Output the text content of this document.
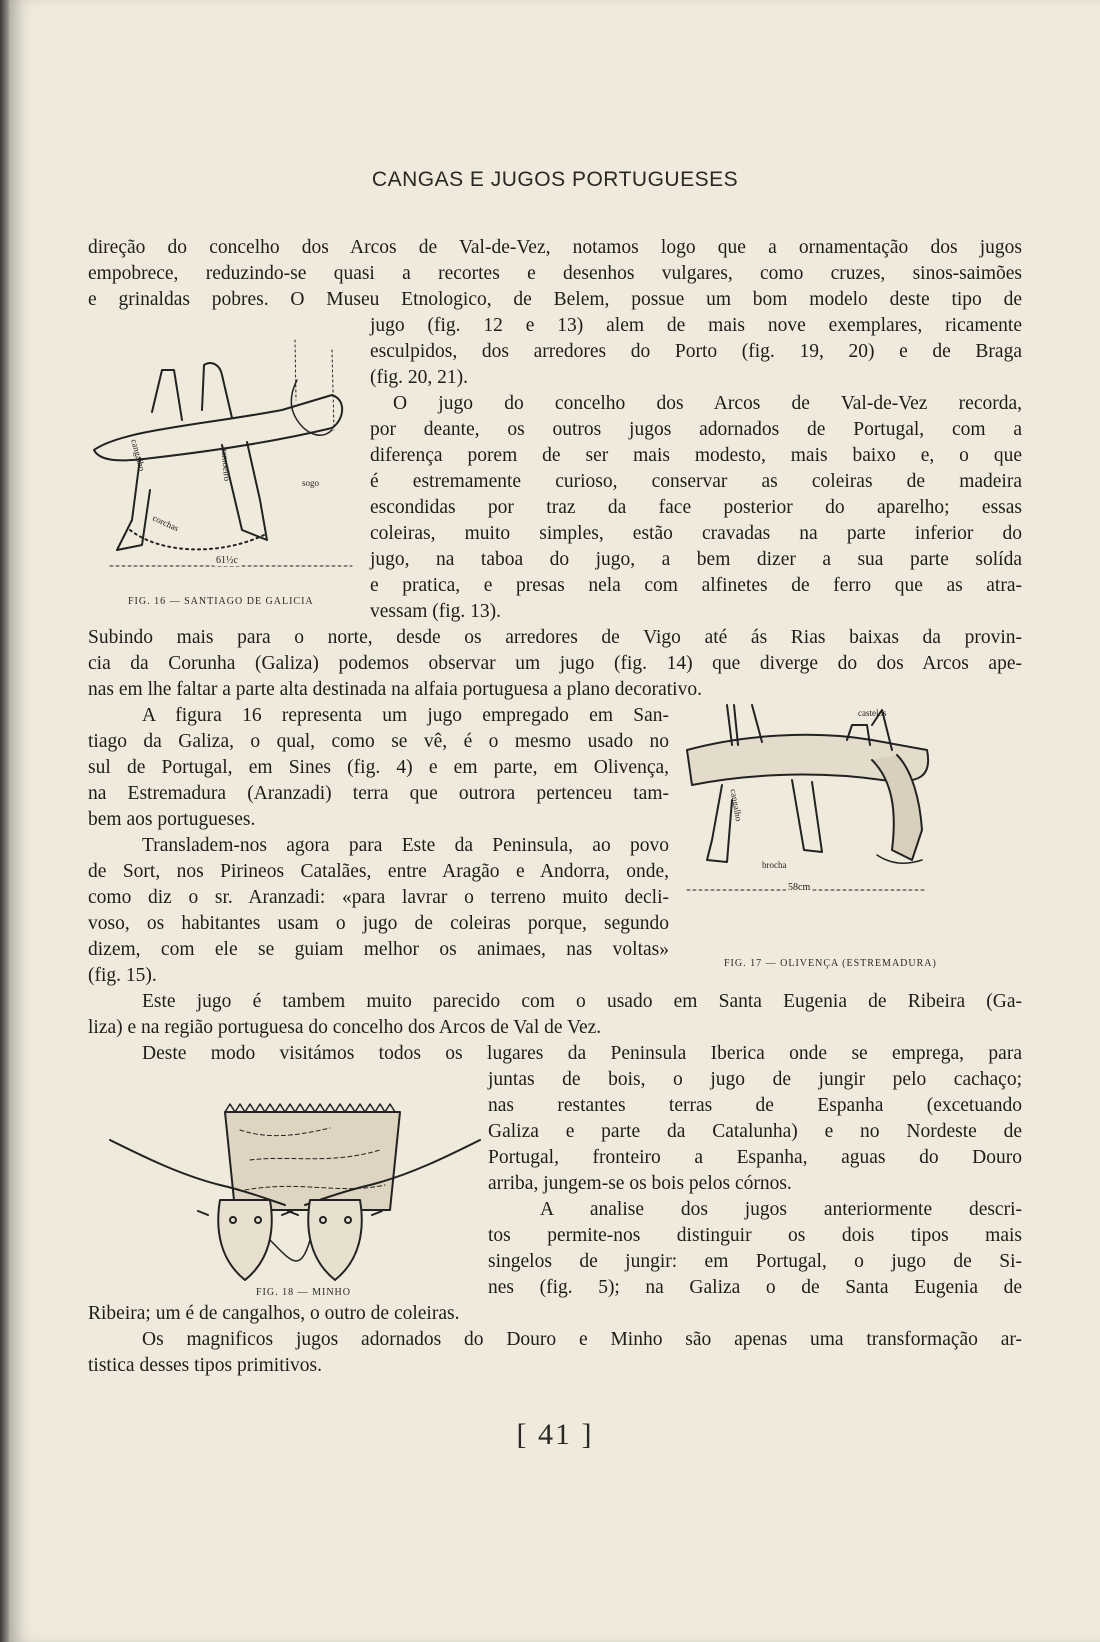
CANGAS E JUGOS PORTUGUESES
direção do concelho dos Arcos de Val-de-Vez, notamos logo que a ornamentação dos jugos
empobrece, reduzindo-se quasi a recortes e desenhos vulgares, como cruzes, sinos-saimões
e grinaldas pobres. O Museu Etnologico, de Belem, possue um bom modelo deste tipo de
jugo (fig. 12 e 13) alem de mais nove exemplares, ricamente
esculpidos, dos arredores do Porto (fig. 19, 20) e de Braga
(fig. 20, 21).
O jugo do concelho dos Arcos de Val-de-Vez recorda,
por deante, os outros jugos adornados de Portugal, com a
diferença porem de ser mais modesto, mais baixo e, o que
é estremamente curioso, conservar as coleiras de madeira
escondidas por traz da face posterior do aparelho; essas
coleiras, muito simples, estão cravadas na parte inferior do
jugo, na taboa do jugo, a bem dizer a sua parte solída
e pratica, e presas nela com alfinetes de ferro que as atra-
vessam (fig. 13).
Subindo mais para o norte, desde os arredores de Vigo até ás Rias baixas da provin-
cia da Corunha (Galiza) podemos observar um jugo (fig. 14) que diverge do dos Arcos ape-
nas em lhe faltar a parte alta destinada na alfaia portuguesa a plano decorativo.
A figura 16 representa um jugo empregado em San-
tiago da Galiza, o qual, como se vê, é o mesmo usado no
sul de Portugal, em Sines (fig. 4) e em parte, em Olivença,
na Estremadura (Aranzadi) terra que outrora pertenceu tam-
bem aos portugueses.
Transladem-nos agora para Este da Peninsula, ao povo
de Sort, nos Pirineos Catalães, entre Aragão e Andorra, onde,
como diz o sr. Aranzadi: «para lavrar o terreno muito decli-
voso, os habitantes usam o jugo de coleiras porque, segundo
dizem, com ele se guiam melhor os animaes, nas voltas»
(fig. 15).
Este jugo é tambem muito parecido com o usado em Santa Eugenia de Ribeira (Ga-
liza) e na região portuguesa do concelho dos Arcos de Val de Vez.
Deste modo visitámos todos os lugares da Peninsula Iberica onde se emprega, para
juntas de bois, o jugo de jungir pelo cachaço;
nas restantes terras de Espanha (excetuando
Galiza e parte da Catalunha) e no Nordeste de
Portugal, fronteiro a Espanha, aguas do Douro
arriba, jungem-se os bois pelos córnos.
A analise dos jugos anteriormente descri-
tos permite-nos distinguir os dois tipos mais
singelos de jungir: em Portugal, o jugo de Si-
nes (fig. 5); na Galiza o de Santa Eugenia de
Ribeira; um é de cangalhos, o outro de coleiras.
Os magnificos jugos adornados do Douro e Minho são apenas uma transformação ar-
tistica desses tipos primitivos.
cangalho	tamoeiro
sogo
corchas
61½c
FIG. 16 — SANTIAGO DE GALICIA
castelos
cangalho
brocha
58cm
FIG. 17 — OLIVENÇA (ESTREMADURA)
FIG. 18 — MINHO
[ 41 ]
